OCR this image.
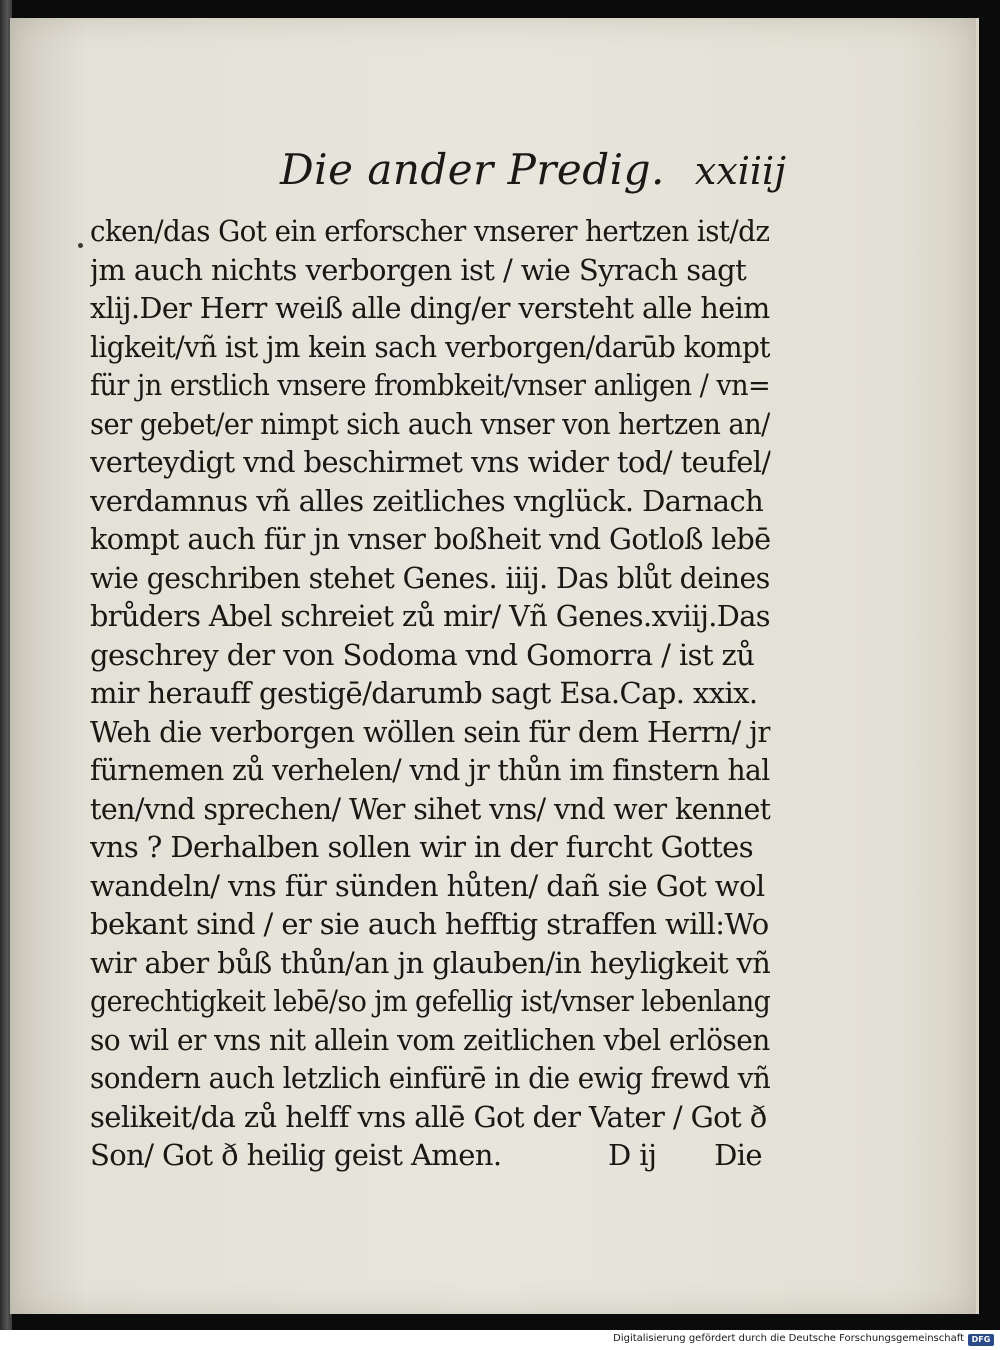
Die ander Predig. xxiiij
cken/das Got ein erforscher vnserer hertzen ist/dz
jm auch nichts verborgen ist / wie Syrach sagt
xlij.Der Herr weiß alle ding/er versteht alle heim
ligkeit/vñ ist jm kein sach verborgen/darūb kompt
für jn erstlich vnsere frombkeit/vnser anligen / vn=
ser gebet/er nimpt sich auch vnser von hertzen an/
verteydigt vnd beschirmet vns wider tod/ teufel/
verdamnus vñ alles zeitliches vnglück. Darnach
kompt auch für jn vnser boßheit vnd Gotloß lebē
wie geschriben stehet Genes. iiij. Das blůt deines
brůders Abel schreiet zů mir/ Vñ Genes.xviij.Das
geschrey der von Sodoma vnd Gomorra / ist zů
mir herauff gestigē/darumb sagt Esa.Cap. xxix.
Weh die verborgen wöllen sein für dem Herrn/ jr
fürnemen zů verhelen/ vnd jr thůn im finstern hal
ten/vnd sprechen/ Wer sihet vns/ vnd wer kennet
vns ? Derhalben sollen wir in der furcht Gottes
wandeln/ vns für sünden hůten/ dañ sie Got wol
bekant sind / er sie auch hefftig straffen will:Wo
wir aber bůß thůn/an jn glauben/in heyligkeit vñ
gerechtigkeit lebē/so jm gefellig ist/vnser lebenlang
so wil er vns nit allein vom zeitlichen vbel erlösen
sondern auch letzlich einfürē in die ewig frewd vñ
selikeit/da zů helff vns allē Got der Vater / Got ð
Son/ Got ð heilig geist Amen.	D ij Die
Digitalisierung gefördert durch die Deutsche Forschungsgemeinschaft DFG
